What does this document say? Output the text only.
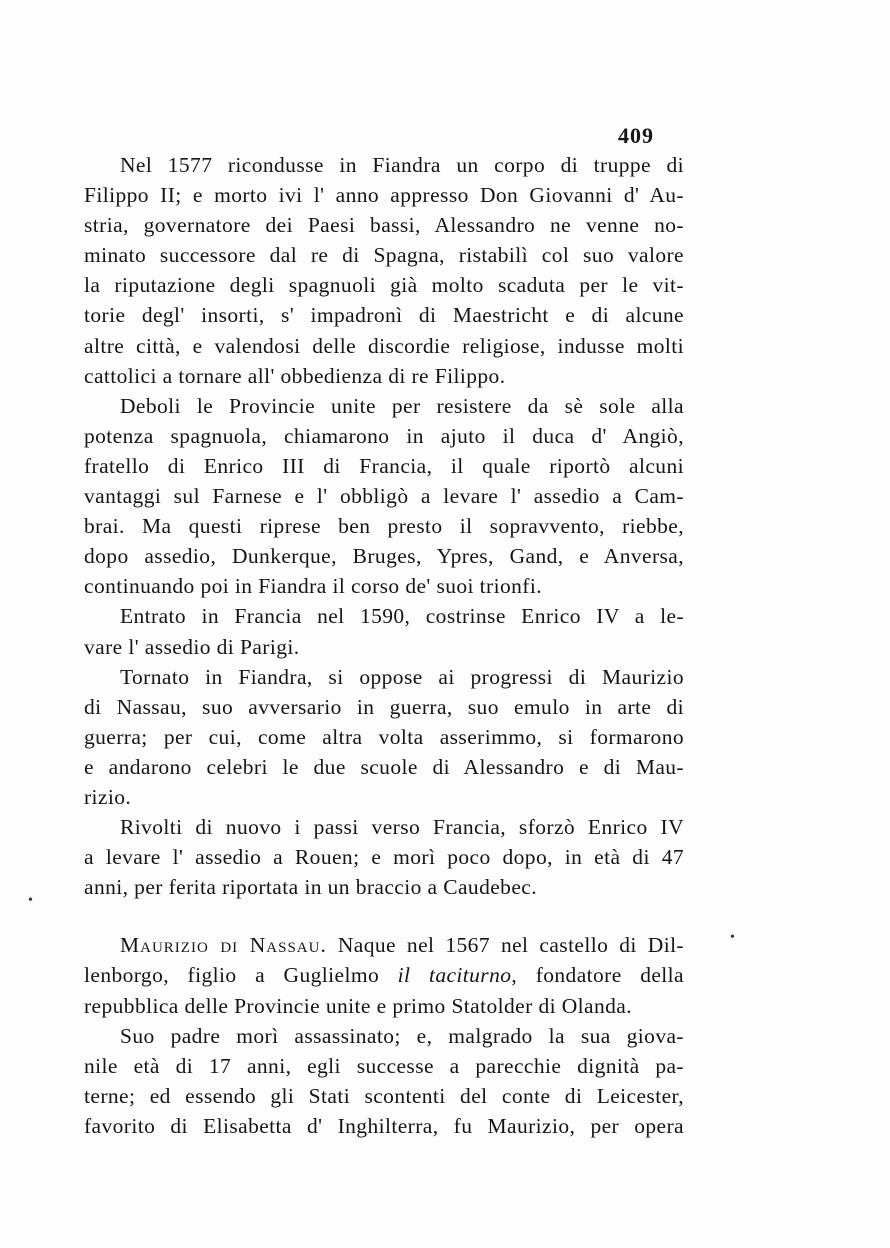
409
Nel 1577 ricondusse in Fiandra un corpo di truppe di
Filippo II; e morto ivi l' anno appresso Don Giovanni d' Au-
stria, governatore dei Paesi bassi, Alessandro ne venne no-
minato successore dal re di Spagna, ristabilì col suo valore
la riputazione degli spagnuoli già molto scaduta per le vit-
torie degl' insorti, s' impadronì di Maestricht e di alcune
altre città, e valendosi delle discordie religiose, indusse molti
cattolici a tornare all' obbedienza di re Filippo.
Deboli le Provincie unite per resistere da sè sole alla
potenza spagnuola, chiamarono in ajuto il duca d' Angiò,
fratello di Enrico III di Francia, il quale riportò alcuni
vantaggi sul Farnese e l' obbligò a levare l' assedio a Cam-
brai. Ma questi riprese ben presto il sopravvento, riebbe,
dopo assedio, Dunkerque, Bruges, Ypres, Gand, e Anversa,
continuando poi in Fiandra il corso de' suoi trionfi.
Entrato in Francia nel 1590, costrinse Enrico IV a le-
vare l' assedio di Parigi.
Tornato in Fiandra, si oppose ai progressi di Maurizio
di Nassau, suo avversario in guerra, suo emulo in arte di
guerra; per cui, come altra volta asserimmo, si formarono
e andarono celebri le due scuole di Alessandro e di Mau-
rizio.
Rivolti di nuovo i passi verso Francia, sforzò Enrico IV
a levare l' assedio a Rouen; e morì poco dopo, in età di 47
anni, per ferita riportata in un braccio a Caudebec.
Maurizio di Nassau. Naque nel 1567 nel castello di Dil-
lenborgo, figlio a Guglielmo il taciturno, fondatore della
repubblica delle Provincie unite e primo Statolder di Olanda.
Suo padre morì assassinato; e, malgrado la sua giova-
nile età di 17 anni, egli successe a parecchie dignità pa-
terne; ed essendo gli Stati scontenti del conte di Leicester,
favorito di Elisabetta d' Inghilterra, fu Maurizio, per opera
•
•
